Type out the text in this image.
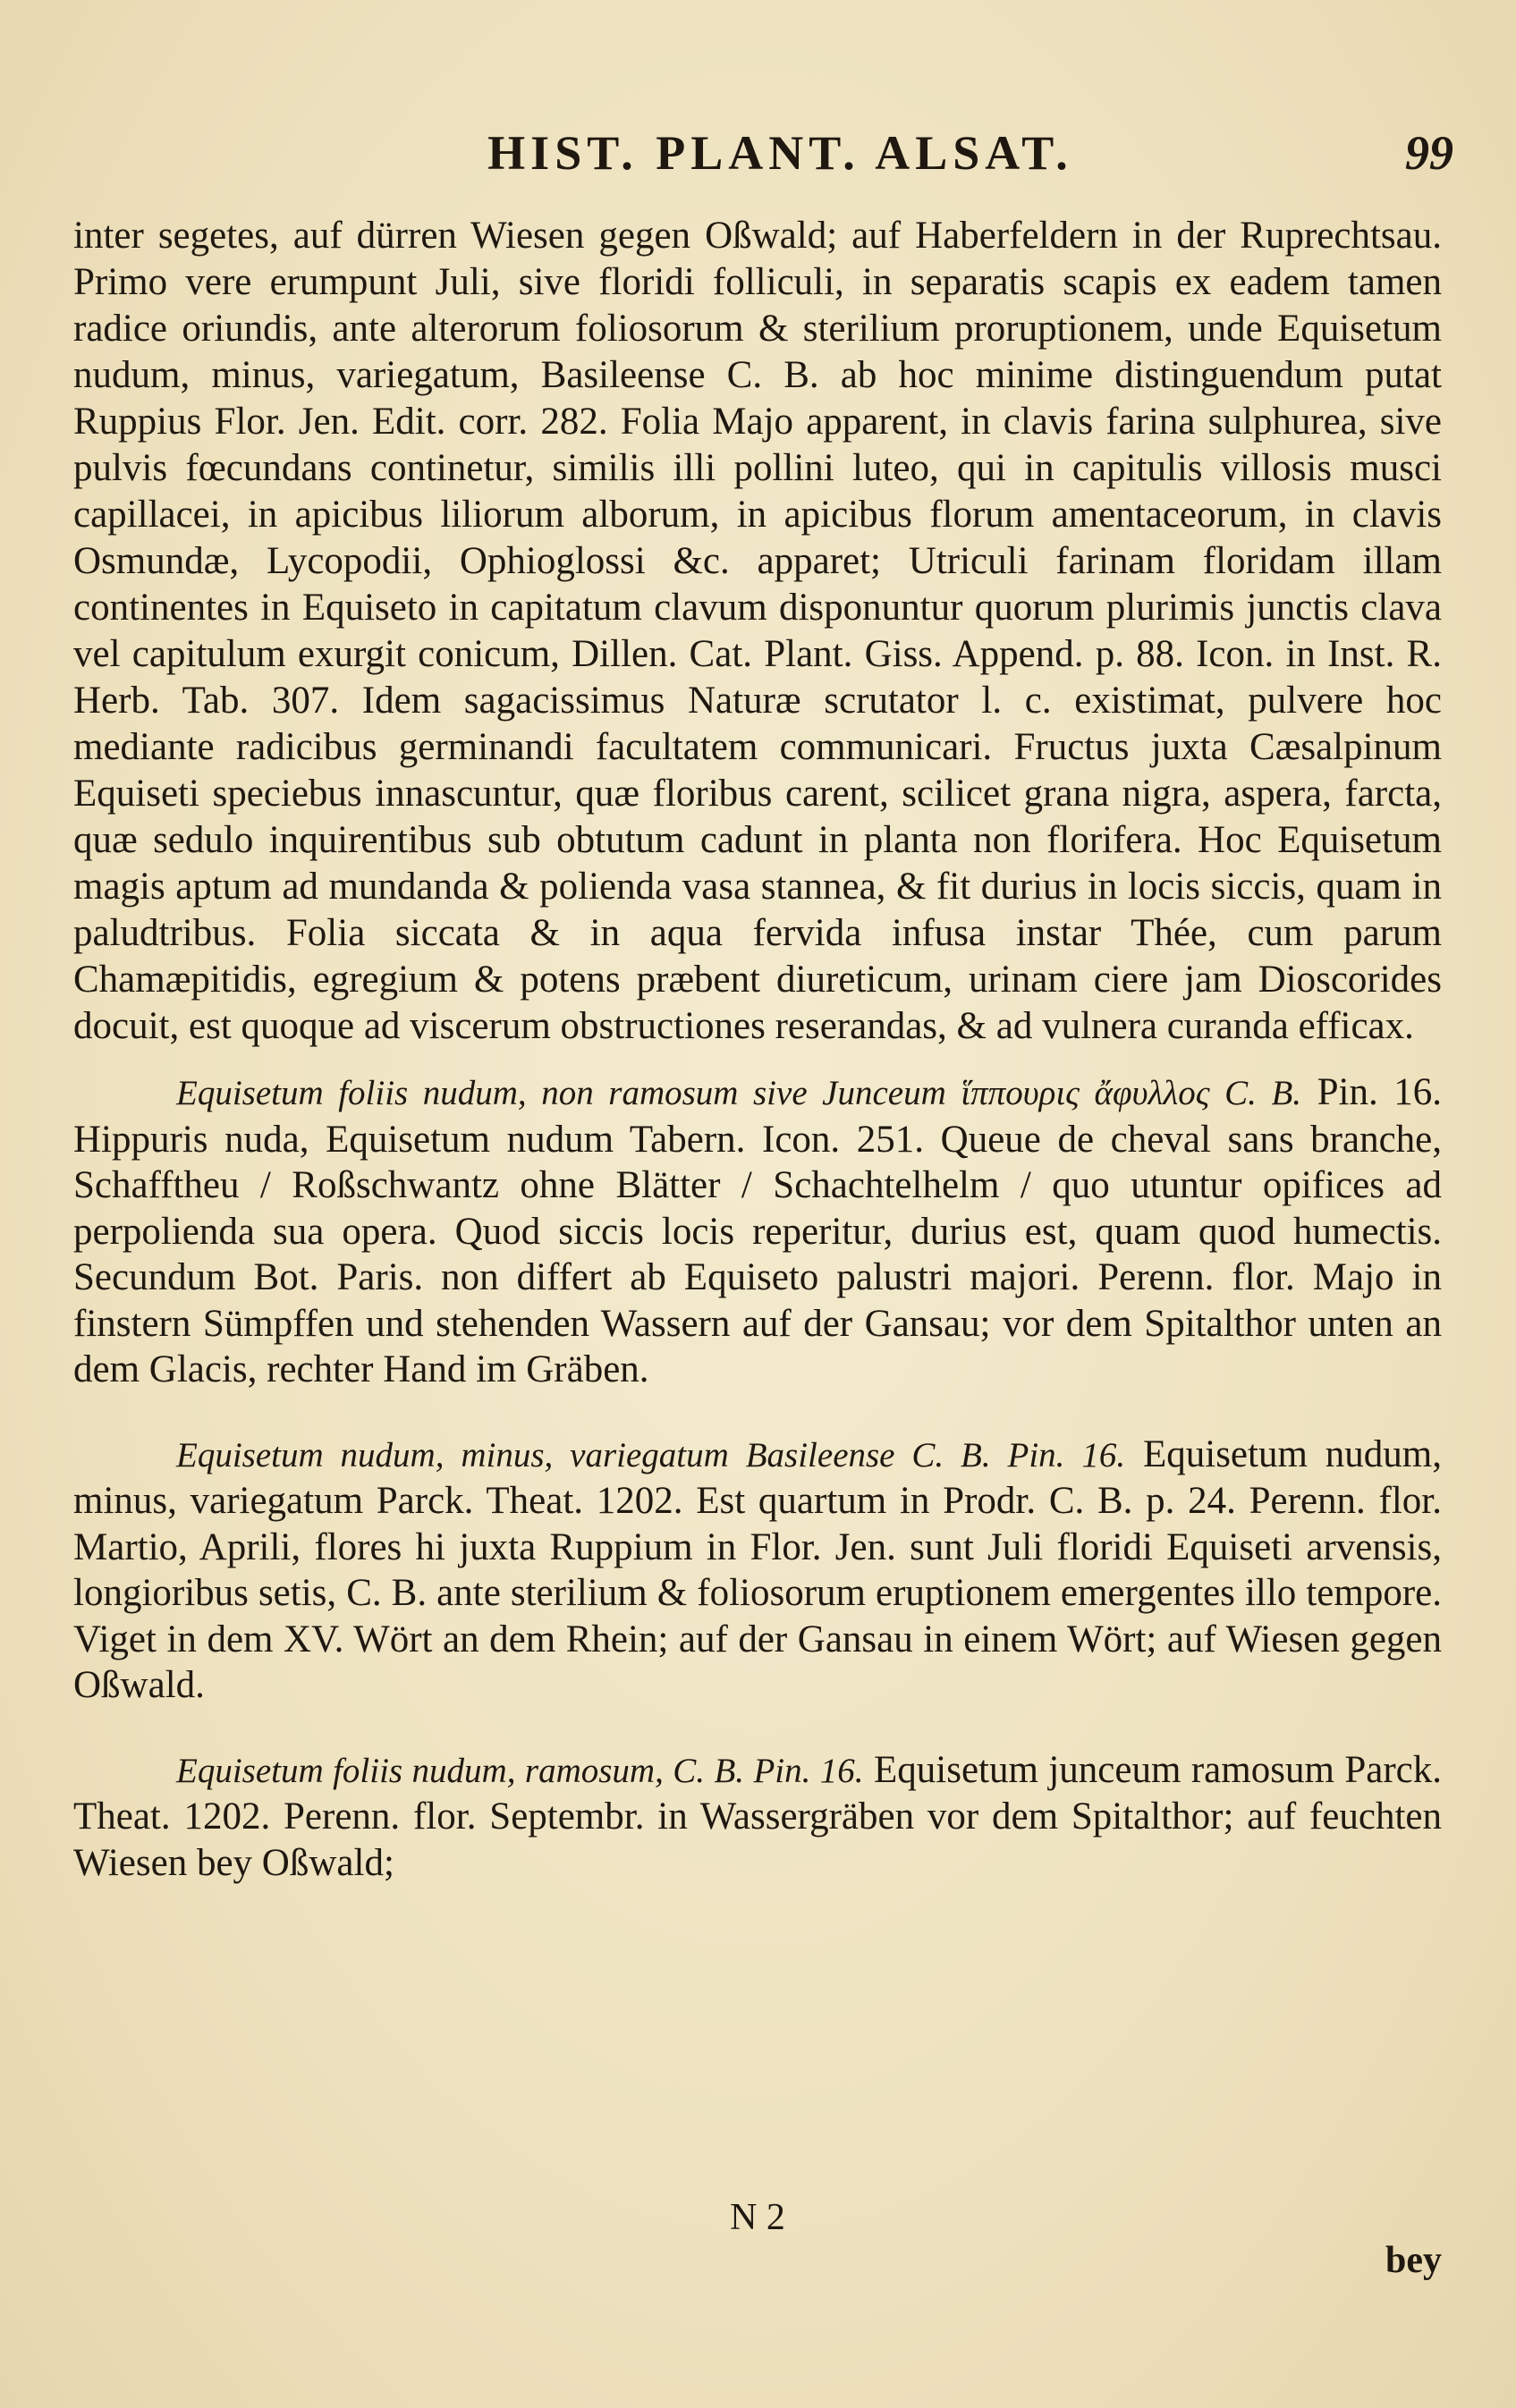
HIST. PLANT. ALSAT.	99

inter segetes, auf dürren Wiesen gegen Oßwald; auf Haberfeldern in der Ruprechtsau. Primo vere erumpunt Juli, sive floridi folliculi, in separatis scapis ex eadem tamen radice oriundis, ante alterorum foliosorum & sterilium proruptionem, unde Equisetum nudum, minus, variegatum, Basileense C. B. ab hoc minime distinguendum putat Ruppius Flor. Jen. Edit. corr. 282. Folia Majo apparent, in clavis farina sulphurea, sive pulvis fœcundans continetur, similis illi pollini luteo, qui in capitulis villosis musci capillacei, in apicibus liliorum alborum, in apicibus florum amentaceorum, in clavis Osmundæ, Lycopodii, Ophioglossi &c. apparet; Utriculi farinam floridam illam continentes in Equiseto in capitatum clavum disponuntur quorum plurimis junctis clava vel capitulum exurgit conicum, Dillen. Cat. Plant. Giss. Append. p. 88. Icon. in Inst. R. Herb. Tab. 307. Idem sagacissimus Naturæ scrutator l. c. existimat, pulvere hoc mediante radicibus germinandi facultatem communicari. Fructus juxta Cæsalpinum Equiseti speciebus innascuntur, quæ floribus carent, scilicet grana nigra, aspera, farcta, quæ sedulo inquirentibus sub obtutum cadunt in planta non florifera. Hoc Equisetum magis aptum ad mundanda & polienda vasa stannea, & fit durius in locis siccis, quam in paludtribus. Folia siccata & in aqua fervida infusa instar Thée, cum parum Chamæpitidis, egregium & potens præbent diureticum, urinam ciere jam Dioscorides docuit, est quoque ad viscerum obstructiones reserandas, & ad vulnera curanda efficax.

Equisetum foliis nudum, non ramosum sive Junceum ἵππουρις ἄφυλλος C. B. Pin. 16. Hippuris nuda, Equisetum nudum Tabern. Icon. 251. Queue de cheval sans branche, Schafftheu / Roßschwantz ohne Blätter / Schachtelhelm / quo utuntur opifices ad perpolienda sua opera. Quod siccis locis reperitur, durius est, quam quod humectis. Secundum Bot. Paris. non differt ab Equiseto palustri majori. Perenn. flor. Majo in finstern Sümpffen und stehenden Wassern auf der Gansau; vor dem Spitalthor unten an dem Glacis, rechter Hand im Gräben.

Equisetum nudum, minus, variegatum Basileense C. B. Pin. 16. Equisetum nudum, minus, variegatum Parck. Theat. 1202. Est quartum in Prodr. C. B. p. 24. Perenn. flor. Martio, Aprili, flores hi juxta Ruppium in Flor. Jen. sunt Juli floridi Equiseti arvensis, longioribus setis, C. B. ante sterilium & foliosorum eruptionem emergentes illo tempore. Viget in dem XV. Wört an dem Rhein; auf der Gansau in einem Wört; auf Wiesen gegen Oßwald.

Equisetum foliis nudum, ramosum, C. B. Pin. 16. Equisetum junceum ramosum Parck. Theat. 1202. Perenn. flor. Septembr. in Wassergräben vor dem Spitalthor; auf feuchten Wiesen bey Oßwald;

N 2
bey
